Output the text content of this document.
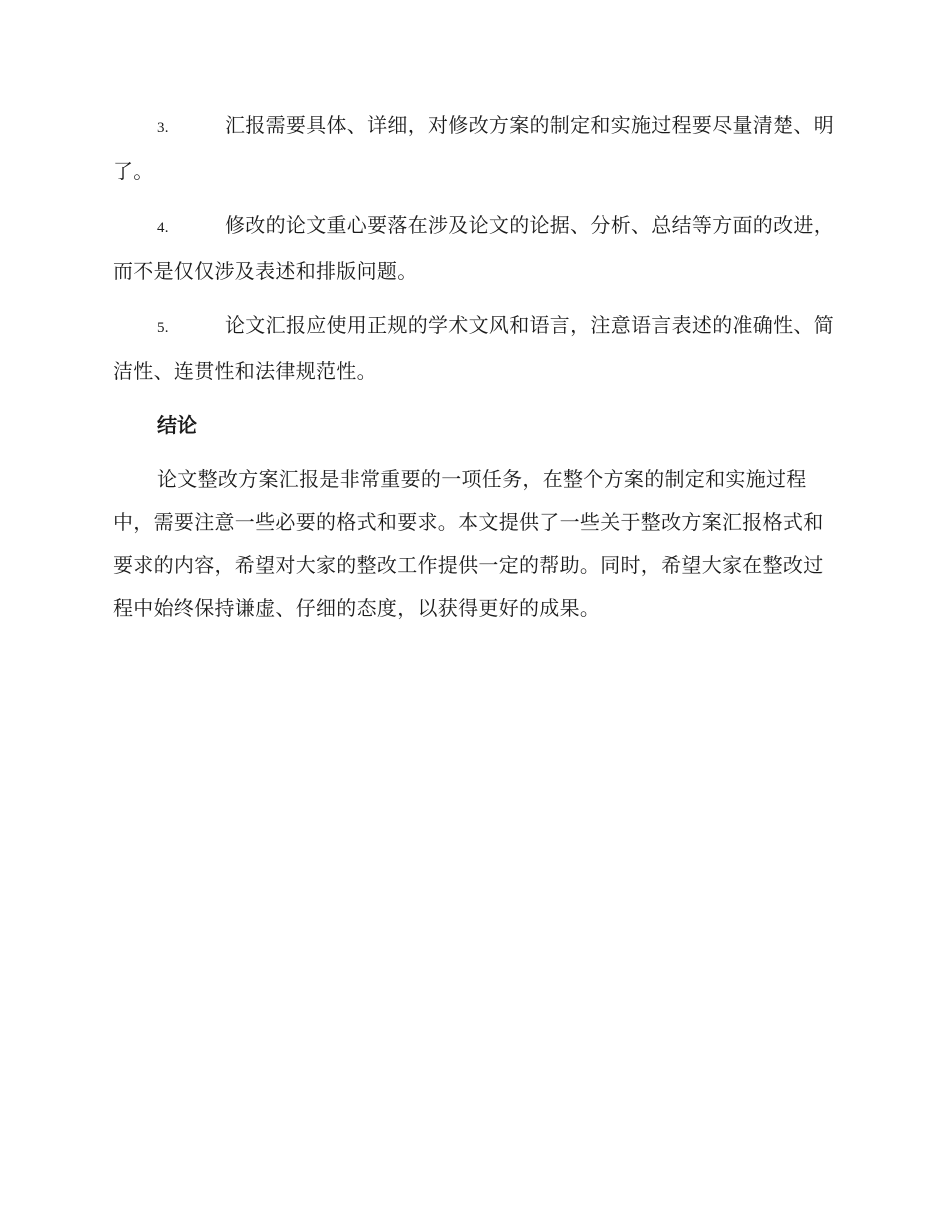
3.	汇报需要具体、详细，对修改方案的制定和实施过程要尽量清楚、明了。

4.	修改的论文重心要落在涉及论文的论据、分析、总结等方面的改进，而不是仅仅涉及表述和排版问题。

5.	论文汇报应使用正规的学术文风和语言，注意语言表述的准确性、简洁性、连贯性和法律规范性。

结论

论文整改方案汇报是非常重要的一项任务，在整个方案的制定和实施过程中，需要注意一些必要的格式和要求。本文提供了一些关于整改方案汇报格式和要求的内容，希望对大家的整改工作提供一定的帮助。同时，希望大家在整改过程中始终保持谦虚、仔细的态度，以获得更好的成果。
